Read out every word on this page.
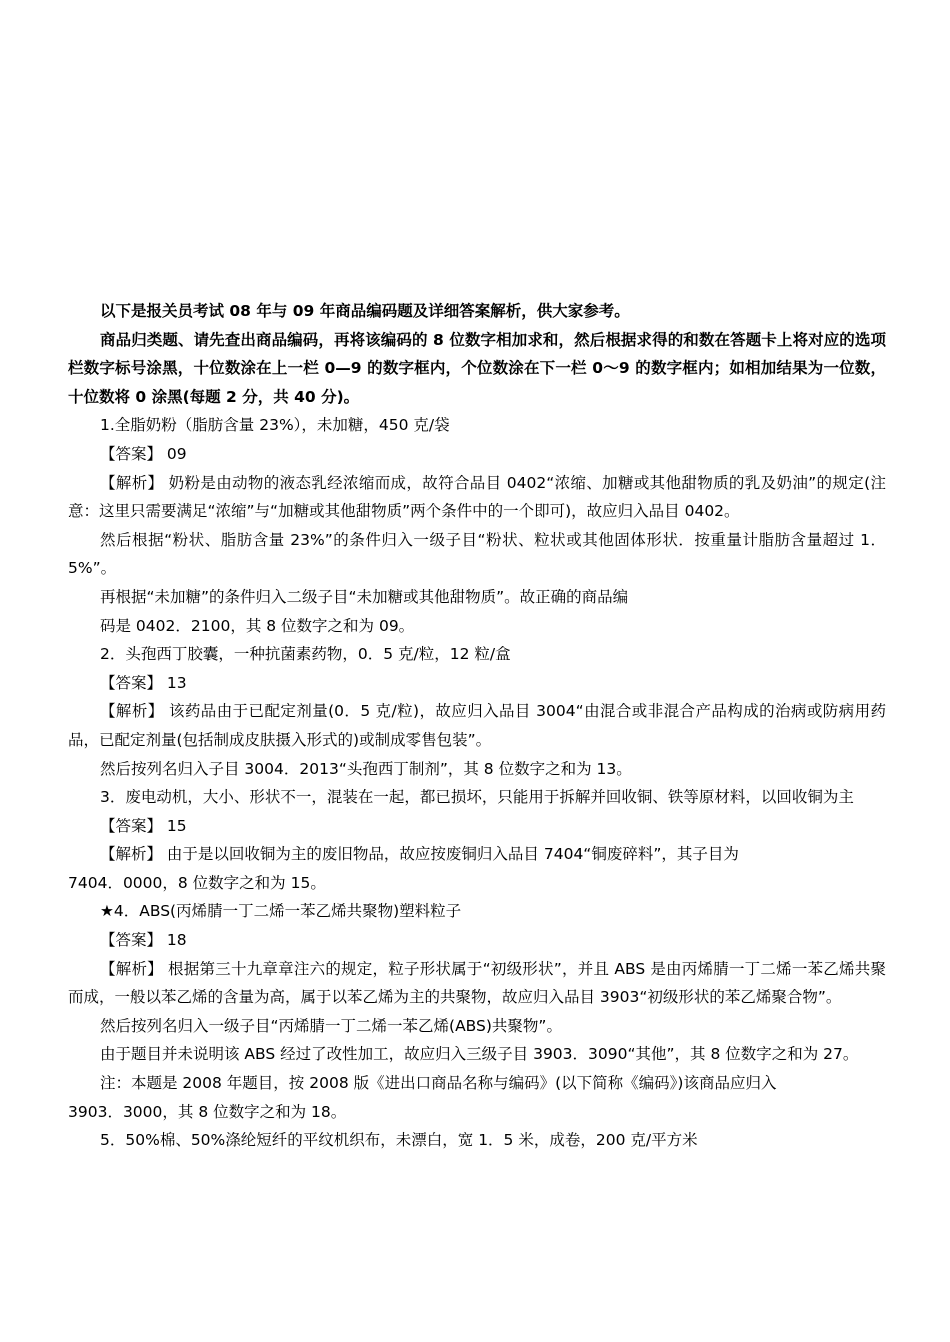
以下是报关员考试 08 年与 09 年商品编码题及详细答案解析，供大家参考。

商品归类题、请先查出商品编码，再将该编码的 8 位数字相加求和，然后根据求得的和数在答题卡上将对应的选项栏数字标号涂黑，十位数涂在上一栏 0—9 的数字框内，个位数涂在下一栏 0～9 的数字框内；如相加结果为一位数，十位数将 0 涂黑(每题 2 分，共 40 分)。

1.全脂奶粉（脂肪含量 23%），未加糖，450 克/袋

【答案】 09

【解析】 奶粉是由动物的液态乳经浓缩而成，故符合品目 0402“浓缩、加糖或其他甜物质的乳及奶油”的规定(注意：这里只需要满足“浓缩”与“加糖或其他甜物质”两个条件中的一个即可)，故应归入品目 0402。

然后根据“粉状、脂肪含量 23%”的条件归入一级子目“粉状、粒状或其他固体形状．按重量计脂肪含量超过 1．5%”。

再根据“未加糖”的条件归入二级子目“未加糖或其他甜物质”。故正确的商品编

码是 0402．2100，其 8 位数字之和为 09。

2．头孢西丁胶囊，一种抗菌素药物，0．5 克/粒，12 粒/盒

【答案】 13

【解析】 该药品由于已配定剂量(0．5 克/粒)，故应归入品目 3004“由混合或非混合产品构成的治病或防病用药品，已配定剂量(包括制成皮肤摄入形式的)或制成零售包装”。

然后按列名归入子目 3004．2013“头孢西丁制剂”，其 8 位数字之和为 13。

3．废电动机，大小、形状不一，混装在一起，都已损坏，只能用于拆解并回收铜、铁等原材料，以回收铜为主

【答案】 15

【解析】 由于是以回收铜为主的废旧物品，故应按废铜归入品目 7404“铜废碎料”，其子目为

7404．0000，8 位数字之和为 15。

★4．ABS(丙烯腈一丁二烯一苯乙烯共聚物)塑料粒子

【答案】 18

【解析】 根据第三十九章章注六的规定，粒子形状属于“初级形状”，并且 ABS 是由丙烯腈一丁二烯一苯乙烯共聚而成，一般以苯乙烯的含量为高，属于以苯乙烯为主的共聚物，故应归入品目 3903“初级形状的苯乙烯聚合物”。

然后按列名归入一级子目“丙烯腈一丁二烯一苯乙烯(ABS)共聚物”。

由于题目并未说明该 ABS 经过了改性加工，故应归入三级子目 3903．3090“其他”，其 8 位数字之和为 27。

注：本题是 2008 年题目，按 2008 版《进出口商品名称与编码》(以下简称《编码》)该商品应归入

3903．3000，其 8 位数字之和为 18。

5．50%棉、50%涤纶短纤的平纹机织布，未漂白，宽 1．5 米，成卷，200 克/平方米
